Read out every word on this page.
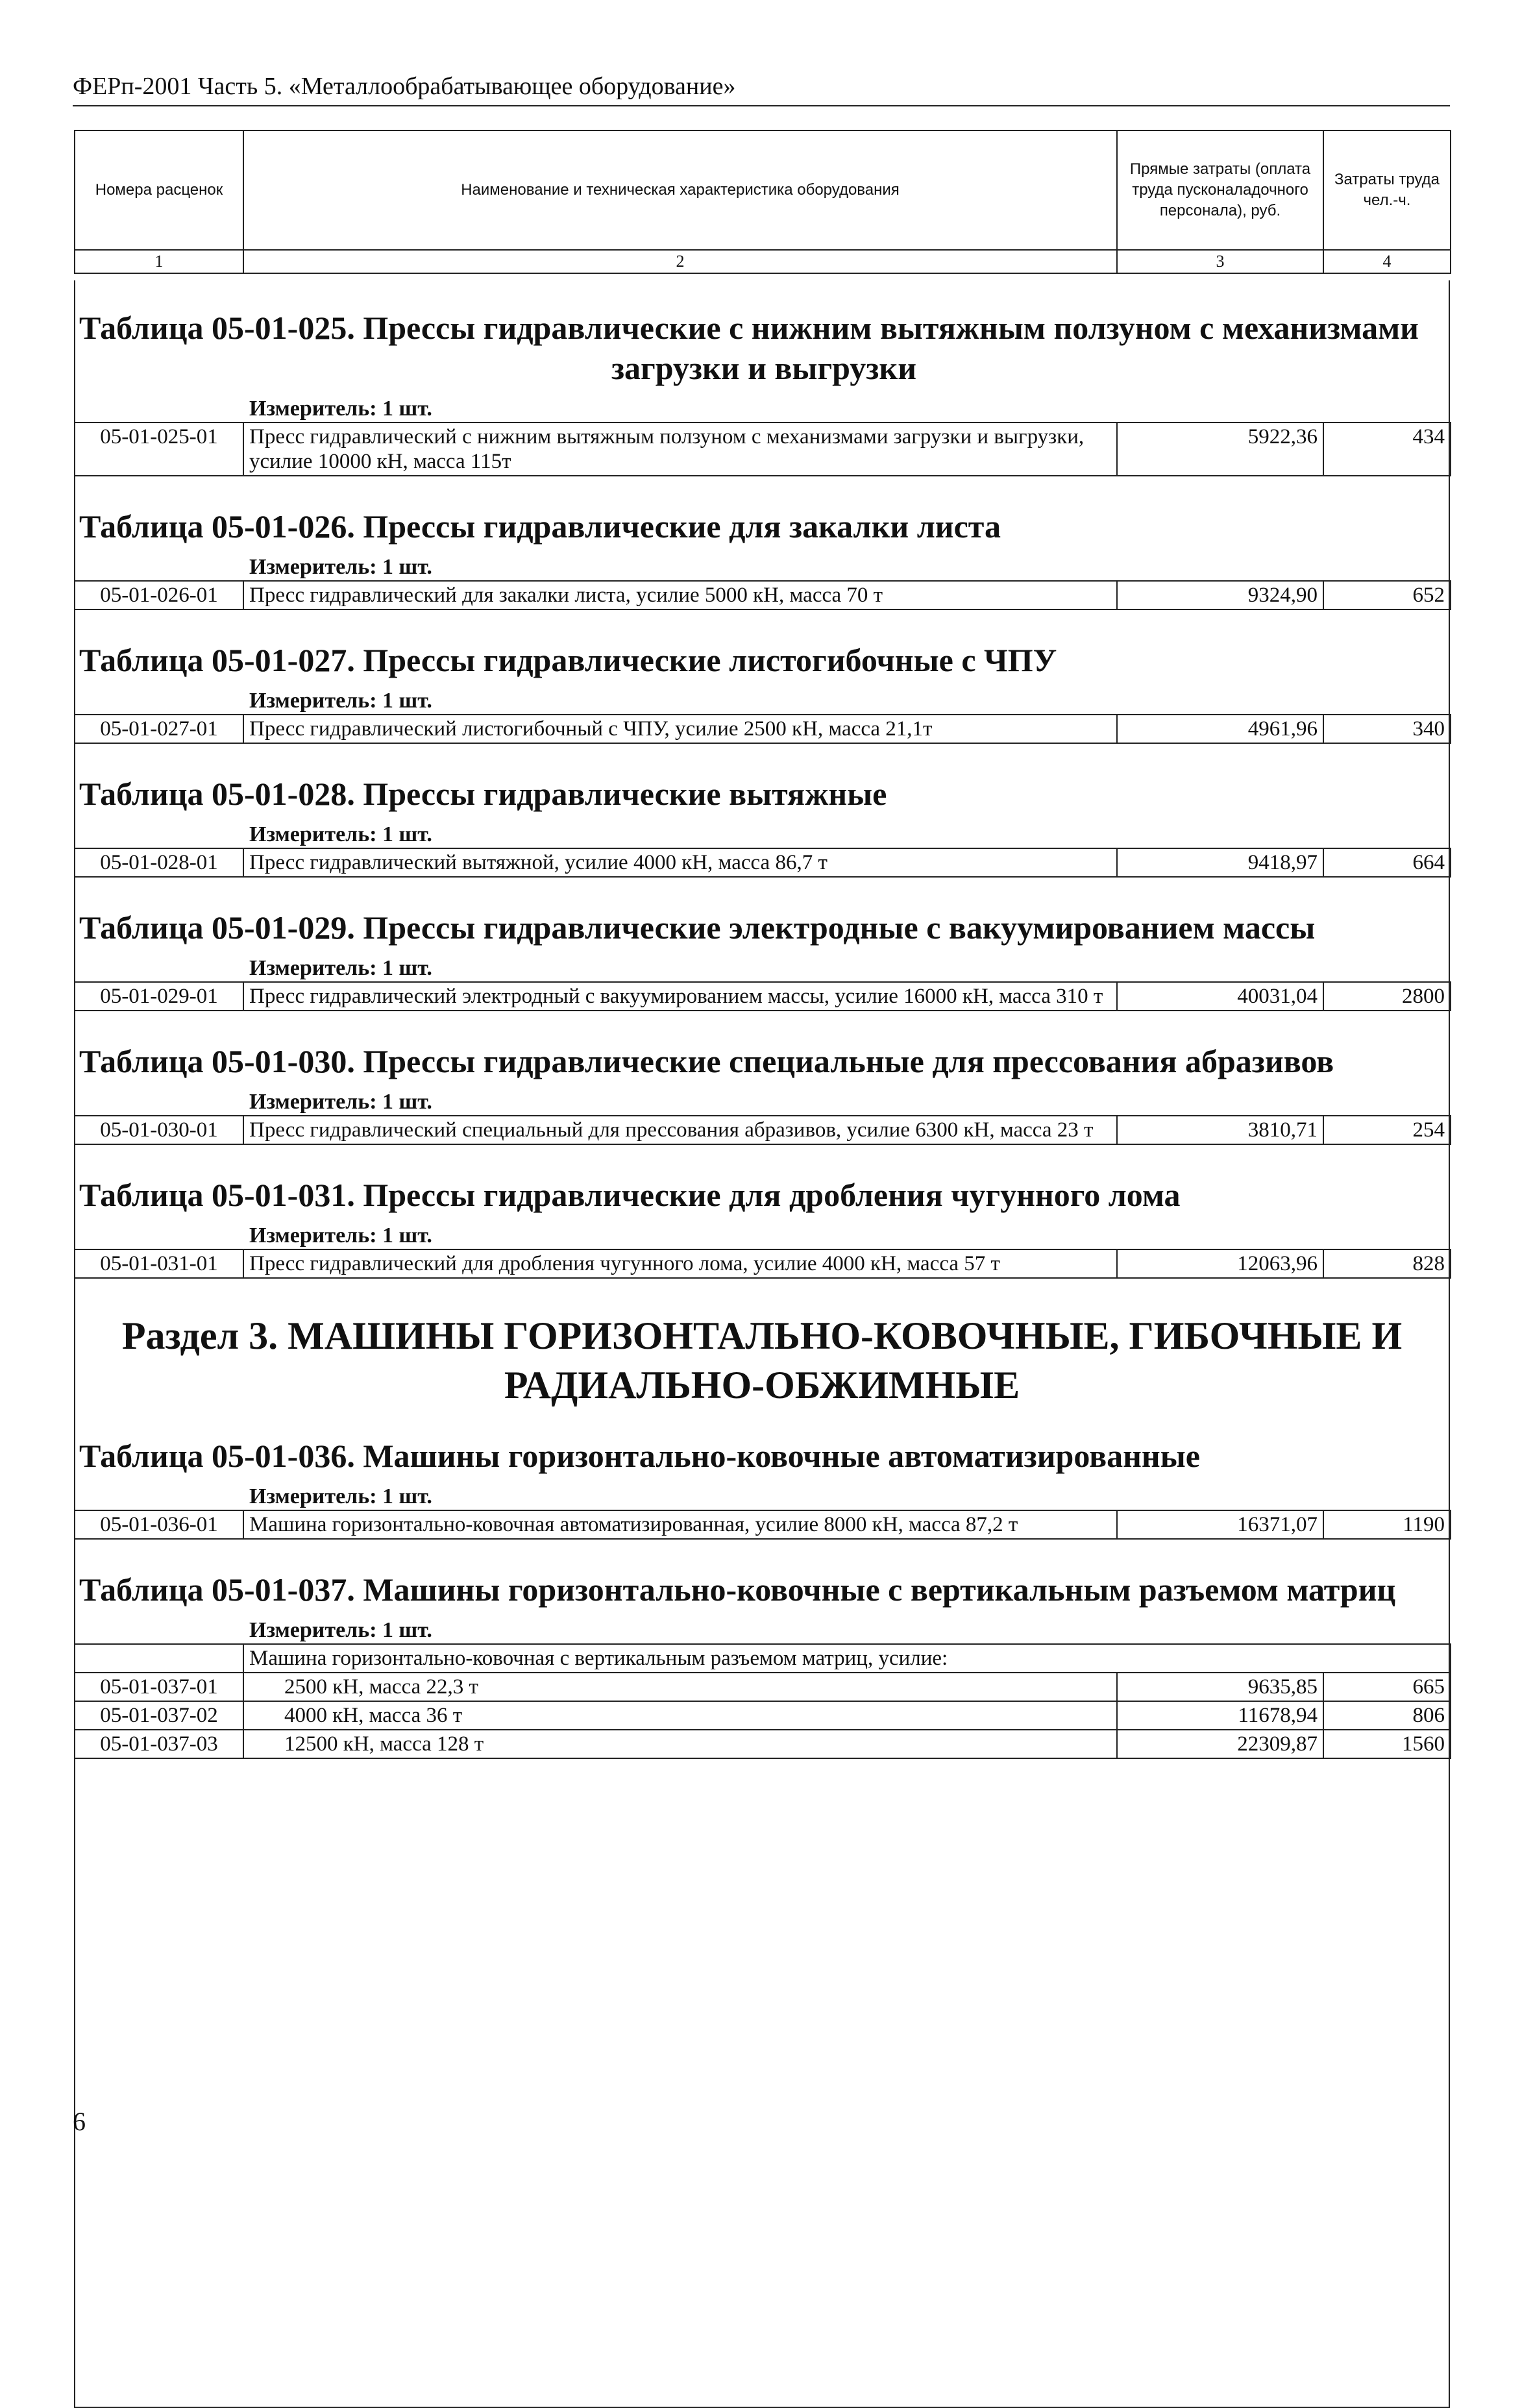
ФЕРп-2001 Часть 5. «Металлообрабатывающее оборудование»
Номера расценок	Наименование и техническая характеристика оборудования	Прямые затраты (оплата труда пусконаладочного персонала), руб.	Затраты труда чел.-ч.
1	2	3	4
Таблица 05-01-025. Прессы гидравлические с нижним вытяжным ползуном с механизмами
загрузки и выгрузки
Измеритель: 1 шт.
05-01-025-01	Пресс гидравлический с нижним вытяжным ползуном с механизмами загрузки и выгрузки, усилие 10000 кН, масса 115т	5922,36	434
Таблица 05-01-026. Прессы гидравлические для закалки листа
Измеритель: 1 шт.
05-01-026-01	Пресс гидравлический для закалки листа, усилие 5000 кН, масса 70 т	9324,90	652
Таблица 05-01-027. Прессы гидравлические листогибочные с ЧПУ
Измеритель: 1 шт.
05-01-027-01	Пресс гидравлический листогибочный с ЧПУ, усилие 2500 кН, масса 21,1т	4961,96	340
Таблица 05-01-028. Прессы гидравлические вытяжные
Измеритель: 1 шт.
05-01-028-01	Пресс гидравлический вытяжной, усилие 4000 кН, масса 86,7 т	9418,97	664
Таблица 05-01-029. Прессы гидравлические электродные с вакуумированием массы
Измеритель: 1 шт.
05-01-029-01	Пресс гидравлический электродный с вакуумированием массы, усилие 16000 кН, масса 310 т	40031,04	2800
Таблица 05-01-030. Прессы гидравлические специальные для прессования абразивов
Измеритель: 1 шт.
05-01-030-01	Пресс гидравлический специальный для прессования абразивов, усилие 6300 кН, масса 23 т	3810,71	254
Таблица 05-01-031. Прессы гидравлические для дробления чугунного лома
Измеритель: 1 шт.
05-01-031-01	Пресс гидравлический для дробления чугунного лома, усилие 4000 кН, масса 57 т	12063,96	828
Раздел 3. МАШИНЫ ГОРИЗОНТАЛЬНО-КОВОЧНЫЕ, ГИБОЧНЫЕ И
РАДИАЛЬНО-ОБЖИМНЫЕ
Таблица 05-01-036. Машины горизонтально-ковочные автоматизированные
Измеритель: 1 шт.
05-01-036-01	Машина горизонтально-ковочная автоматизированная, усилие 8000 кН, масса 87,2 т	16371,07	1190
Таблица 05-01-037. Машины горизонтально-ковочные с вертикальным разъемом матриц
Измеритель: 1 шт.
	Машина горизонтально-ковочная с вертикальным разъемом матриц, усилие:		
05-01-037-01	2500 кН, масса 22,3 т	9635,85	665
05-01-037-02	4000 кН, масса 36 т	11678,94	806
05-01-037-03	12500 кН, масса 128 т	22309,87	1560
6
